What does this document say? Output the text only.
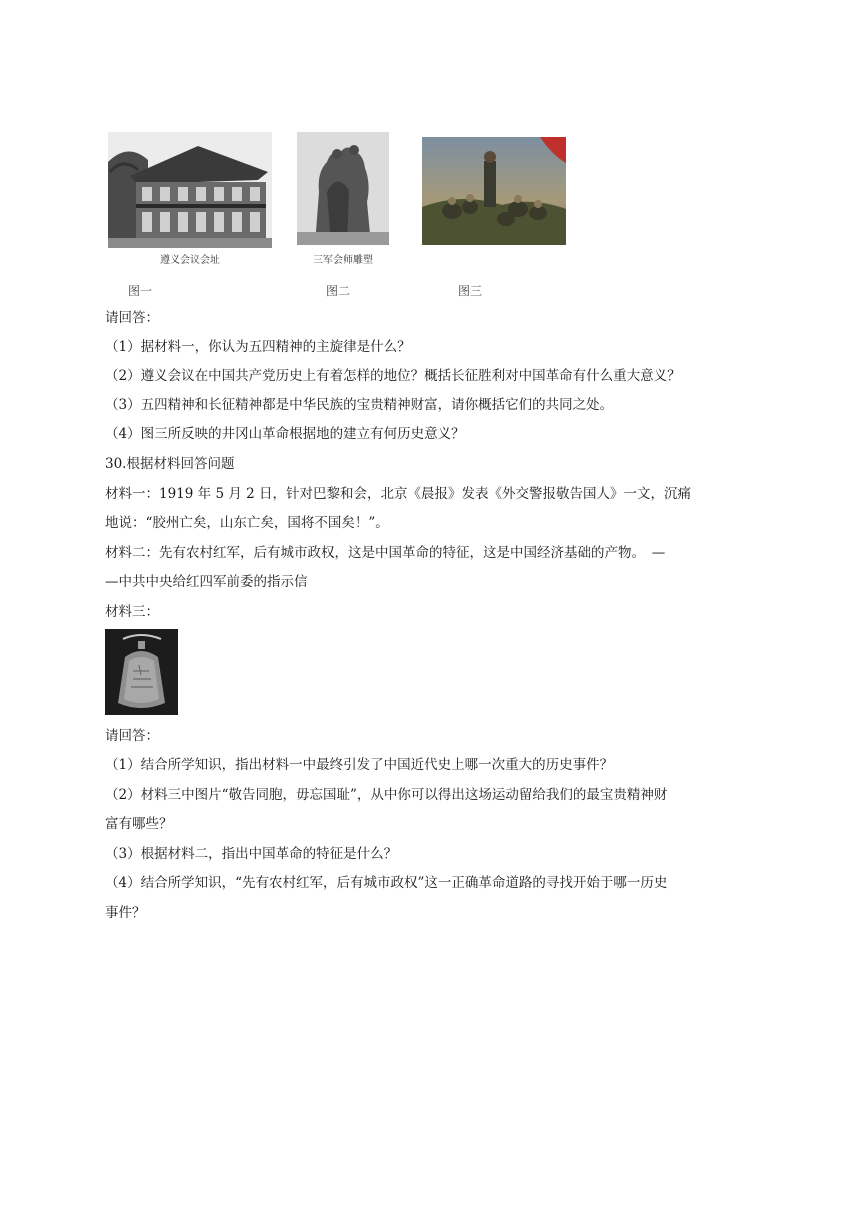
遵义会议会址	三军会师雕塑
图一	图二	图三
请回答：
（1）据材料一，你认为五四精神的主旋律是什么？
（2）遵义会议在中国共产党历史上有着怎样的地位？概括长征胜利对中国革命有什么重大意义？
（3）五四精神和长征精神都是中华民族的宝贵精神财富，请你概括它们的共同之处。
（4）图三所反映的井冈山革命根据地的建立有何历史意义？
30.根据材料回答问题
材料一：1919 年 5 月 2 日，针对巴黎和会，北京《晨报》发表《外交警报敬告国人》一文，沉痛
地说：“胶州亡矣，山东亡矣，国将不国矣！”。
材料二：先有农村红军，后有城市政权，这是中国革命的特征，这是中国经济基础的产物。　—
—中共中央给红四军前委的指示信
材料三：
请回答：
（1）结合所学知识，指出材料一中最终引发了中国近代史上哪一次重大的历史事件？
（2）材料三中图片“敬告同胞，毋忘国耻”，从中你可以得出这场运动留给我们的最宝贵精神财
富有哪些？
（3）根据材料二，指出中国革命的特征是什么？
（4）结合所学知识，“先有农村红军，后有城市政权”这一正确革命道路的寻找开始于哪一历史
事件？
